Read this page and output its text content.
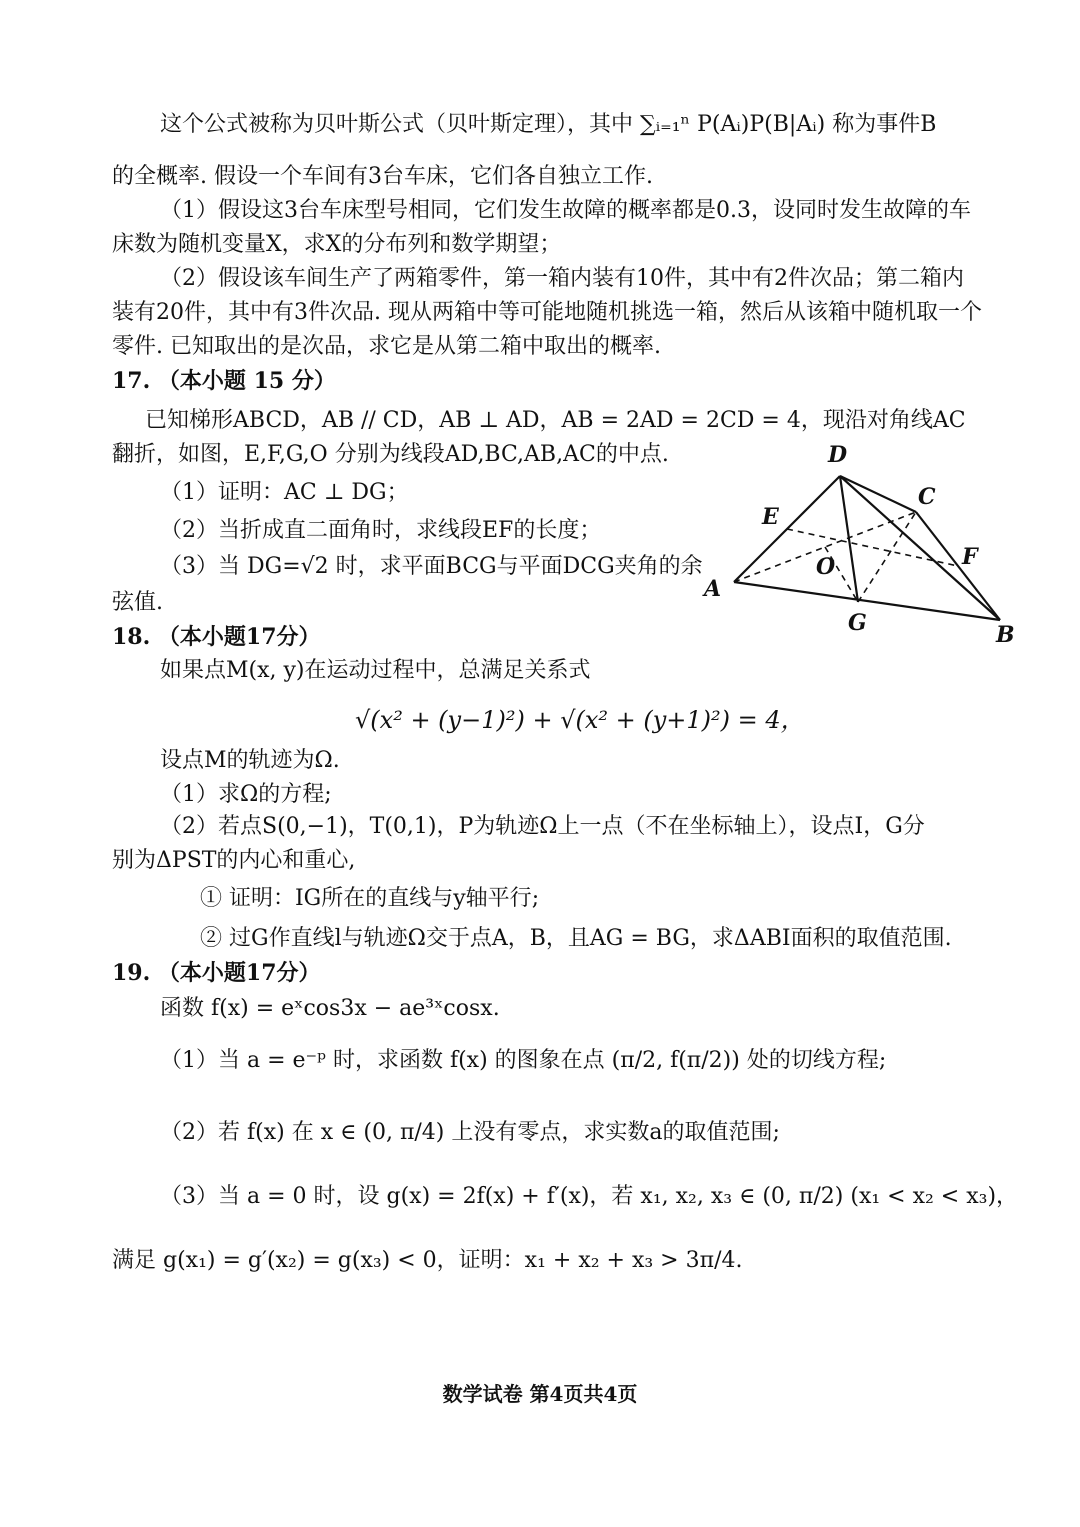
这个公式被称为贝叶斯公式（贝叶斯定理），其中 ∑ᵢ₌₁ⁿ P(Aᵢ)P(B|Aᵢ) 称为事件B
的全概率. 假设一个车间有3台车床，它们各自独立工作.
（1）假设这3台车床型号相同，它们发生故障的概率都是0.3，设同时发生故障的车
床数为随机变量X，求X的分布列和数学期望；
（2）假设该车间生产了两箱零件，第一箱内装有10件，其中有2件次品；第二箱内
装有20件，其中有3件次品. 现从两箱中等可能地随机挑选一箱，然后从该箱中随机取一个
零件. 已知取出的是次品，求它是从第二箱中取出的概率.
17. （本小题 15 分）
已知梯形ABCD，AB // CD，AB ⊥ AD，AB = 2AD = 2CD = 4，现沿对角线AC
翻折，如图，E,F,G,O 分别为线段AD,BC,AB,AC的中点.
（1）证明：AC ⊥ DG；
（2）当折成直二面角时，求线段EF的长度；
（3）当 DG=√2 时，求平面BCG与平面DCG夹角的余
弦值.
D
C
E
O	F
A
G	B
18. （本小题17分）
如果点M(x, y)在运动过程中，总满足关系式
√(x² + (y−1)²) + √(x² + (y+1)²) = 4，
设点M的轨迹为Ω.
（1）求Ω的方程;
（2）若点S(0,−1)，T(0,1)，P为轨迹Ω上一点（不在坐标轴上），设点I，G分
别为ΔPST的内心和重心,
① 证明：IG所在的直线与y轴平行;
② 过G作直线l与轨迹Ω交于点A，B，且AG = BG，求ΔABI面积的取值范围.
19. （本小题17分）
函数 f(x) = eˣcos3x − ae³ˣcosx.
（1）当 a = e⁻ᵖ 时，求函数 f(x) 的图象在点 (π/2, f(π/2)) 处的切线方程;
（2）若 f(x) 在 x ∈ (0, π/4) 上没有零点，求实数a的取值范围;
（3）当 a = 0 时，设 g(x) = 2f(x) + f′(x)，若 x₁, x₂, x₃ ∈ (0, π/2) (x₁ < x₂ < x₃)，
满足 g(x₁) = g′(x₂) = g(x₃) < 0，证明：x₁ + x₂ + x₃ > 3π/4.
数学试卷 第4页共4页
